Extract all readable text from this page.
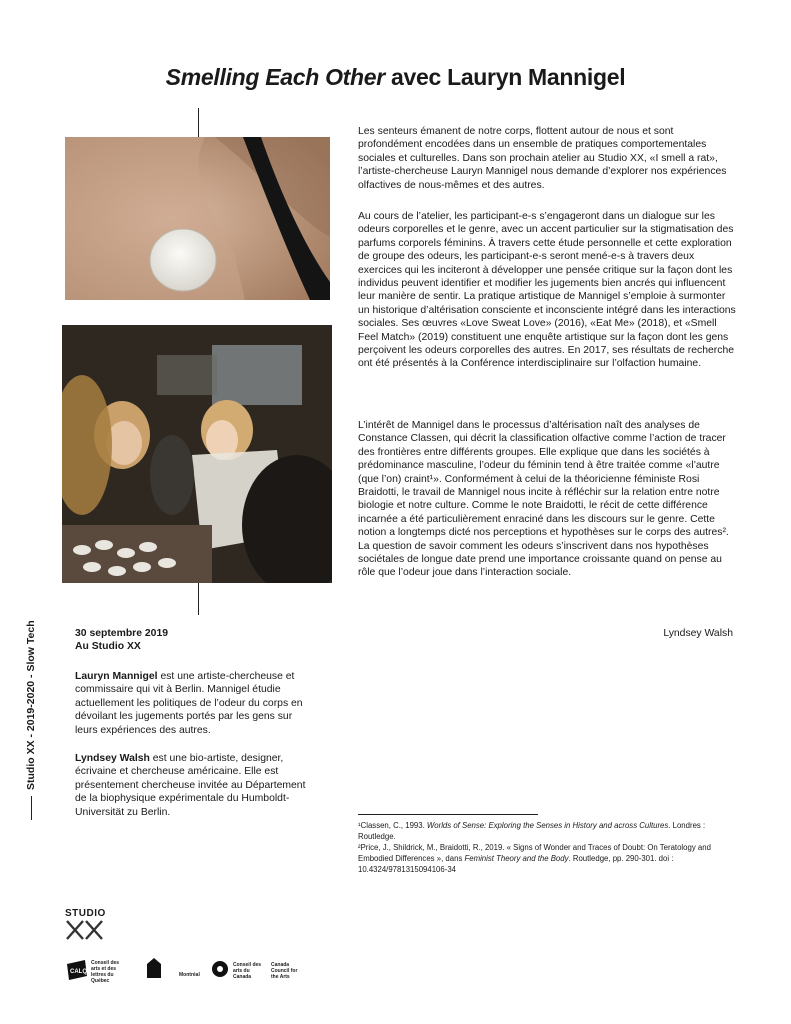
Smelling Each Other avec Lauryn Mannigel

Les senteurs émanent de notre corps, flottent autour de nous et sont profondément encodées dans un ensemble de pratiques comportementales sociales et culturelles. Dans son prochain atelier au Studio XX, «I smell a rat», l’artiste-chercheuse Lauryn Mannigel nous demande d’explorer nos expériences olfactives de nous-mêmes et des autres.

Au cours de l’atelier, les participant-e-s s’engageront dans un dialogue sur les odeurs corporelles et le genre, avec un accent particulier sur la stigmatisation des parfums corporels féminins. À travers cette étude personnelle et cette exploration de groupe des odeurs, les participant-e-s seront mené-e-s à travers deux exercices qui les inciteront à développer une pensée critique sur la façon dont les individus peuvent identifier et modifier les jugements bien ancrés qui influencent leur manière de sentir. La pratique artistique de Mannigel s’emploie à surmonter un historique d’altérisation consciente et inconsciente intégré dans les interactions sociales. Ses œuvres «Love Sweat Love» (2016), «Eat Me» (2018), et «Smell Feel Match» (2019) constituent une enquête artistique sur la façon dont les gens perçoivent les odeurs corporelles des autres. En 2017, ses résultats de recherche ont été présentés à la Conférence interdisciplinaire sur l’olfaction humaine.

L’intérêt de Mannigel dans le processus d’altérisation naît des analyses de Constance Classen, qui décrit la classification olfactive comme l’action de tracer des frontières entre différents groupes. Elle explique que dans les sociétés à prédominance masculine, l’odeur du féminin tend à être traitée comme «l’autre (que l’on) craint¹». Conformément à celui de la théoricienne féministe Rosi Braidotti, le travail de Mannigel nous incite à réfléchir sur la relation entre notre biologie et notre culture. Comme le note Braidotti, le récit de cette différence incarnée a été particulièrement enraciné dans les discours sur le genre. Cette notion a longtemps dicté nos perceptions et hypothèses sur le corps des autres². La question de savoir comment les odeurs s’inscrivent dans nos hypothèses sociétales de longue date prend une importance croissante quand on pense au rôle que l’odeur joue dans l’interaction sociale.

Lyndsey Walsh

30 septembre 2019

Au Studio XX

Lauryn Mannigel est une artiste-chercheuse et commissaire qui vit à Berlin. Mannigel étudie actuellement les politiques de l’odeur du corps en dévoilant les jugements portés par les gens sur leurs expériences des autres.

Lyndsey Walsh est une bio-artiste, designer, écrivaine et chercheuse américaine. Elle est présentement chercheuse invitée au Département de la biophysique expérimentale du Humboldt-Universität zu Berlin.

Studio XX - 2019-2020 - Slow Tech

¹Classen, C., 1993. Worlds of Sense: Exploring the Senses in History and across Cultures. Londres : Routledge.

²Price, J., Shildrick, M., Braidotti, R., 2019. « Signs of Wonder and Traces of Doubt: On Teratology and Embodied Differences », dans Feminist Theory and the Body. Routledge, pp. 290-301. doi : 10.4324/9781315094106-34

STUDIO
CALQ
Conseil des arts et des lettres du Québec
Montréal
Conseil des arts du Canada
Canada Council for the Arts
